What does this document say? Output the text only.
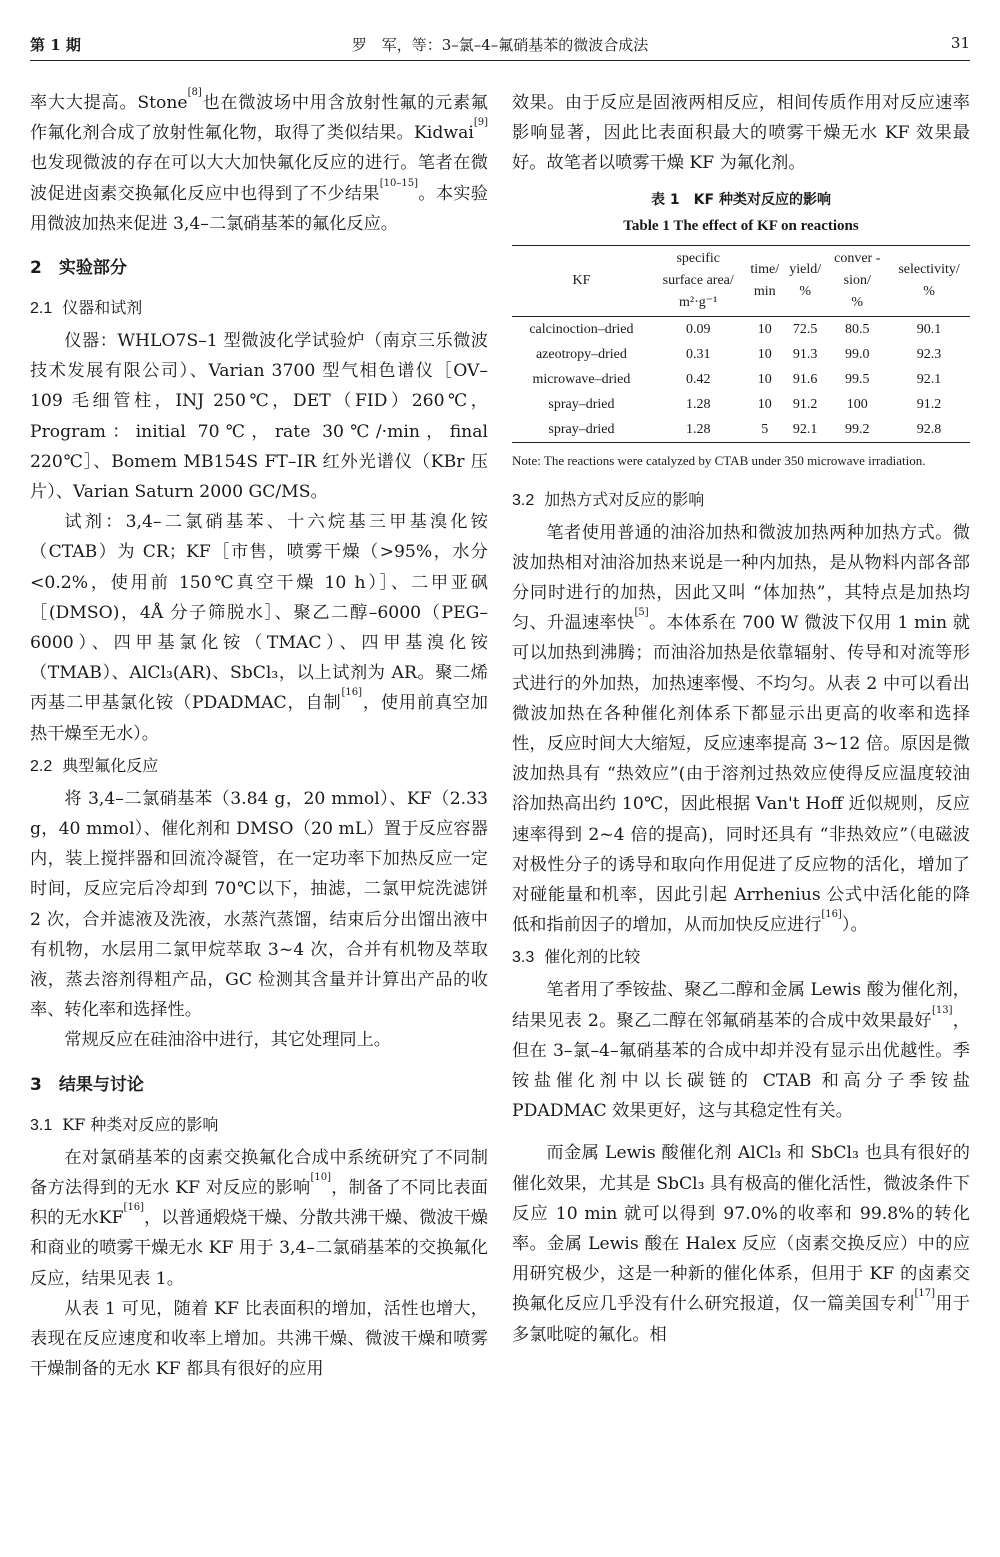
第 1 期	罗　军，等：3–氯–4–氟硝基苯的微波合成法	31

率大大提高。Stone[8]也在微波场中用含放射性氟的元素氟作氟化剂合成了放射性氟化物，取得了类似结果。Kidwai[9]也发现微波的存在可以大大加快氟化反应的进行。笔者在微波促进卤素交换氟化反应中也得到了不少结果[10–15]。本实验用微波加热来促进 3,4–二氯硝基苯的氟化反应。

2　实验部分
2.1 仪器和试剂

仪器：WHLO7S–1 型微波化学试验炉（南京三乐微波技术发展有限公司）、Varian 3700 型气相色谱仪［OV–109 毛细管柱，INJ 250℃，DET（FID）260℃，Program：initial 70℃，rate 30℃/·min，final 220℃］、Bomem MB154S FT–IR 红外光谱仪（KBr 压片）、Varian Saturn 2000 GC/MS。

试剂：3,4–二氯硝基苯、十六烷基三甲基溴化铵（CTAB）为 CR；KF［市售，喷雾干燥（>95%，水分<0.2%，使用前 150℃真空干燥 10 h）］、二甲亚砜［(DMSO)，4Å 分子筛脱水］、聚乙二醇–6000（PEG–6000）、四甲基氯化铵（TMAC）、四甲基溴化铵（TMAB）、AlCl₃(AR)、SbCl₃，以上试剂为 AR。聚二烯丙基二甲基氯化铵（PDADMAC，自制[16]，使用前真空加热干燥至无水）。

2.2 典型氟化反应

将 3,4–二氯硝基苯（3.84 g，20 mmol）、KF（2.33 g，40 mmol）、催化剂和 DMSO（20 mL）置于反应容器内，装上搅拌器和回流冷凝管，在一定功率下加热反应一定时间，反应完后冷却到 70℃以下，抽滤，二氯甲烷洗滤饼 2 次，合并滤液及洗液，水蒸汽蒸馏，结束后分出馏出液中有机物，水层用二氯甲烷萃取 3~4 次，合并有机物及萃取液，蒸去溶剂得粗产品，GC 检测其含量并计算出产品的收率、转化率和选择性。

常规反应在硅油浴中进行，其它处理同上。

3　结果与讨论
3.1 KF 种类对反应的影响

在对氯硝基苯的卤素交换氟化合成中系统研究了不同制备方法得到的无水 KF 对反应的影响[10]，制备了不同比表面积的无水KF[16]，以普通煅烧干燥、分散共沸干燥、微波干燥和商业的喷雾干燥无水 KF 用于 3,4–二氯硝基苯的交换氟化反应，结果见表 1。

从表 1 可见，随着 KF 比表面积的增加，活性也增大，表现在反应速度和收率上增加。共沸干燥、微波干燥和喷雾干燥制备的无水 KF 都具有很好的应用

效果。由于反应是固液两相反应，相间传质作用对反应速率影响显著，因此比表面积最大的喷雾干燥无水 KF 效果最好。故笔者以喷雾干燥 KF 为氟化剂。

表 1　KF 种类对反应的影响
Table 1 The effect of KF on reactions
KF	specific
surface area/
m²·g⁻¹	time/
min	yield/
%	conver -
sion/
%	selectivity/
%
calcinoction–dried	0.09	10	72.5	80.5	90.1
azeotropy–dried	0.31	10	91.3	99.0	92.3
microwave–dried	0.42	10	91.6	99.5	92.1
spray–dried	1.28	10	91.2	100	91.2
spray–dried	1.28	5	92.1	99.2	92.8
Note: The reactions were catalyzed by CTAB under 350 microwave irradiation.
3.2 加热方式对反应的影响

笔者使用普通的油浴加热和微波加热两种加热方式。微波加热相对油浴加热来说是一种内加热，是从物料内部各部分同时进行的加热，因此又叫 “体加热”，其特点是加热均匀、升温速率快[5]。本体系在 700 W 微波下仅用 1 min 就可以加热到沸腾；而油浴加热是依靠辐射、传导和对流等形式进行的外加热，加热速率慢、不均匀。从表 2 中可以看出微波加热在各种催化剂体系下都显示出更高的收率和选择性，反应时间大大缩短，反应速率提高 3~12 倍。原因是微波加热具有 “热效应”(由于溶剂过热效应使得反应温度较油浴加热高出约 10℃，因此根据 Van't Hoff 近似规则，反应速率得到 2~4 倍的提高)，同时还具有 “非热效应”（电磁波对极性分子的诱导和取向作用促进了反应物的活化，增加了对碰能量和机率，因此引起 Arrhenius 公式中活化能的降低和指前因子的增加，从而加快反应进行[16]）。

3.3 催化剂的比较

笔者用了季铵盐、聚乙二醇和金属 Lewis 酸为催化剂，结果见表 2。聚乙二醇在邻氟硝基苯的合成中效果最好[13]，但在 3–氯–4–氟硝基苯的合成中却并没有显示出优越性。季铵盐催化剂中以长碳链的 CTAB 和高分子季铵盐 PDADMAC 效果更好，这与其稳定性有关。

而金属 Lewis 酸催化剂 AlCl₃ 和 SbCl₃ 也具有很好的催化效果，尤其是 SbCl₃ 具有极高的催化活性，微波条件下反应 10 min 就可以得到 97.0%的收率和 99.8%的转化率。金属 Lewis 酸在 Halex 反应（卤素交换反应）中的应用研究极少，这是一种新的催化体系，但用于 KF 的卤素交换氟化反应几乎没有什么研究报道，仅一篇美国专利[17]用于多氯吡啶的氟化。相
